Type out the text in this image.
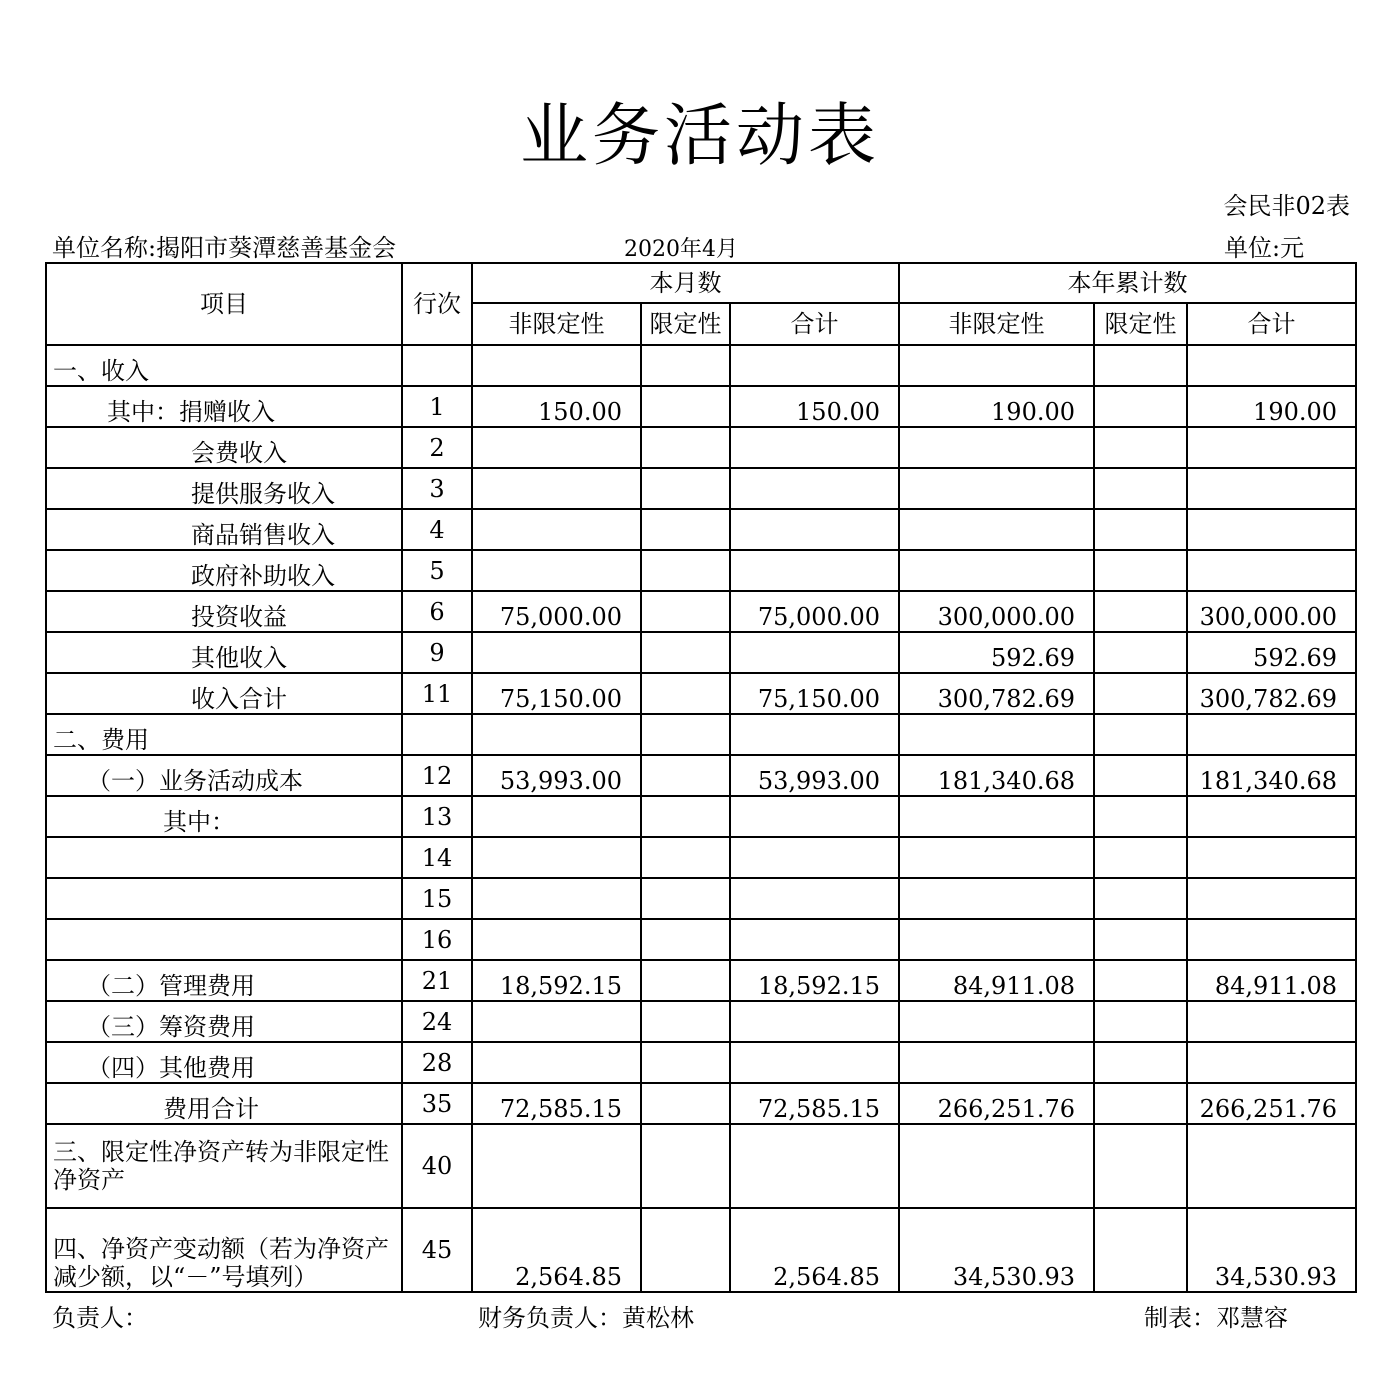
业务活动表
会民非02表
单位名称:揭阳市葵潭慈善基金会	2020年4月	单位:元
项目	行次	本月数			本年累计数		
		非限定性	限定性	合计	非限定性	限定性	合计
一、收入							
其中：捐赠收入	1	150.00		150.00	190.00		190.00
会费收入	2						
提供服务收入	3						
商品销售收入	4						
政府补助收入	5						
投资收益	6	75,000.00		75,000.00	300,000.00		300,000.00
其他收入	9				592.69		592.69
收入合计	11	75,150.00		75,150.00	300,782.69		300,782.69
二、费用							
（一）业务活动成本	12	53,993.00		53,993.00	181,340.68		181,340.68
其中：	13						
	14						
	15						
	16						
（二）管理费用	21	18,592.15		18,592.15	84,911.08		84,911.08
（三）筹资费用	24						
（四）其他费用	28						
费用合计	35	72,585.15		72,585.15	266,251.76		266,251.76
三、限定性净资产转为非限定性净资产	40						
四、净资产变动额（若为净资产减少额，以“－”号填列）	45	2,564.85		2,564.85	34,530.93		34,530.93
负责人：	财务负责人：黄松林	制表：邓慧容
